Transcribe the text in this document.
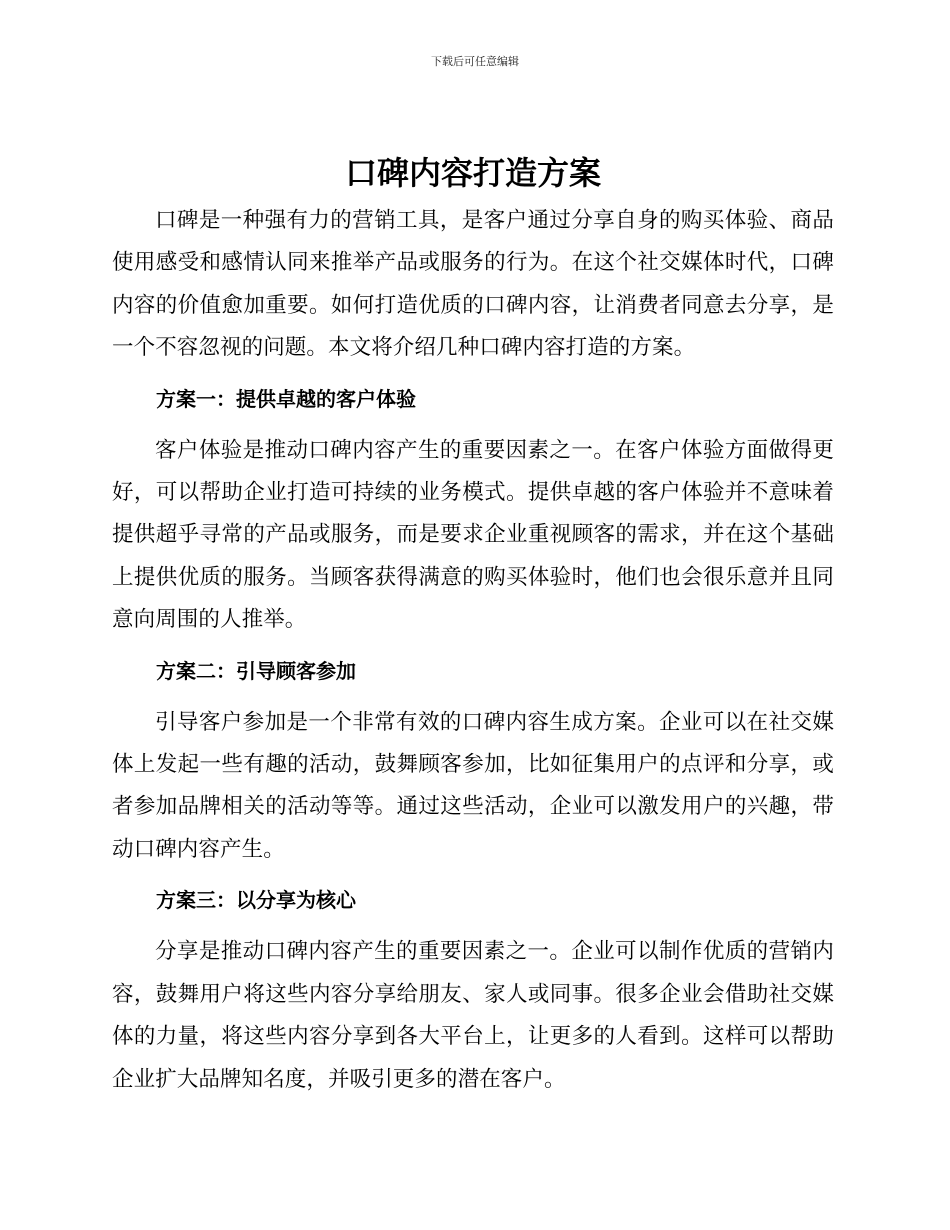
下载后可任意编辑
口碑内容打造方案

口碑是一种强有力的营销工具，是客户通过分享自身的购买体验、商品使用感受和感情认同来推举产品或服务的行为。在这个社交媒体时代，口碑内容的价值愈加重要。如何打造优质的口碑内容，让消费者同意去分享，是一个不容忽视的问题。本文将介绍几种口碑内容打造的方案。

方案一：提供卓越的客户体验

客户体验是推动口碑内容产生的重要因素之一。在客户体验方面做得更好，可以帮助企业打造可持续的业务模式。提供卓越的客户体验并不意味着提供超乎寻常的产品或服务，而是要求企业重视顾客的需求，并在这个基础上提供优质的服务。当顾客获得满意的购买体验时，他们也会很乐意并且同意向周围的人推举。

方案二：引导顾客参加

引导客户参加是一个非常有效的口碑内容生成方案。企业可以在社交媒体上发起一些有趣的活动，鼓舞顾客参加，比如征集用户的点评和分享，或者参加品牌相关的活动等等。通过这些活动，企业可以激发用户的兴趣，带动口碑内容产生。

方案三：以分享为核心

分享是推动口碑内容产生的重要因素之一。企业可以制作优质的营销内容，鼓舞用户将这些内容分享给朋友、家人或同事。很多企业会借助社交媒体的力量，将这些内容分享到各大平台上，让更多的人看到。这样可以帮助企业扩大品牌知名度，并吸引更多的潜在客户。
